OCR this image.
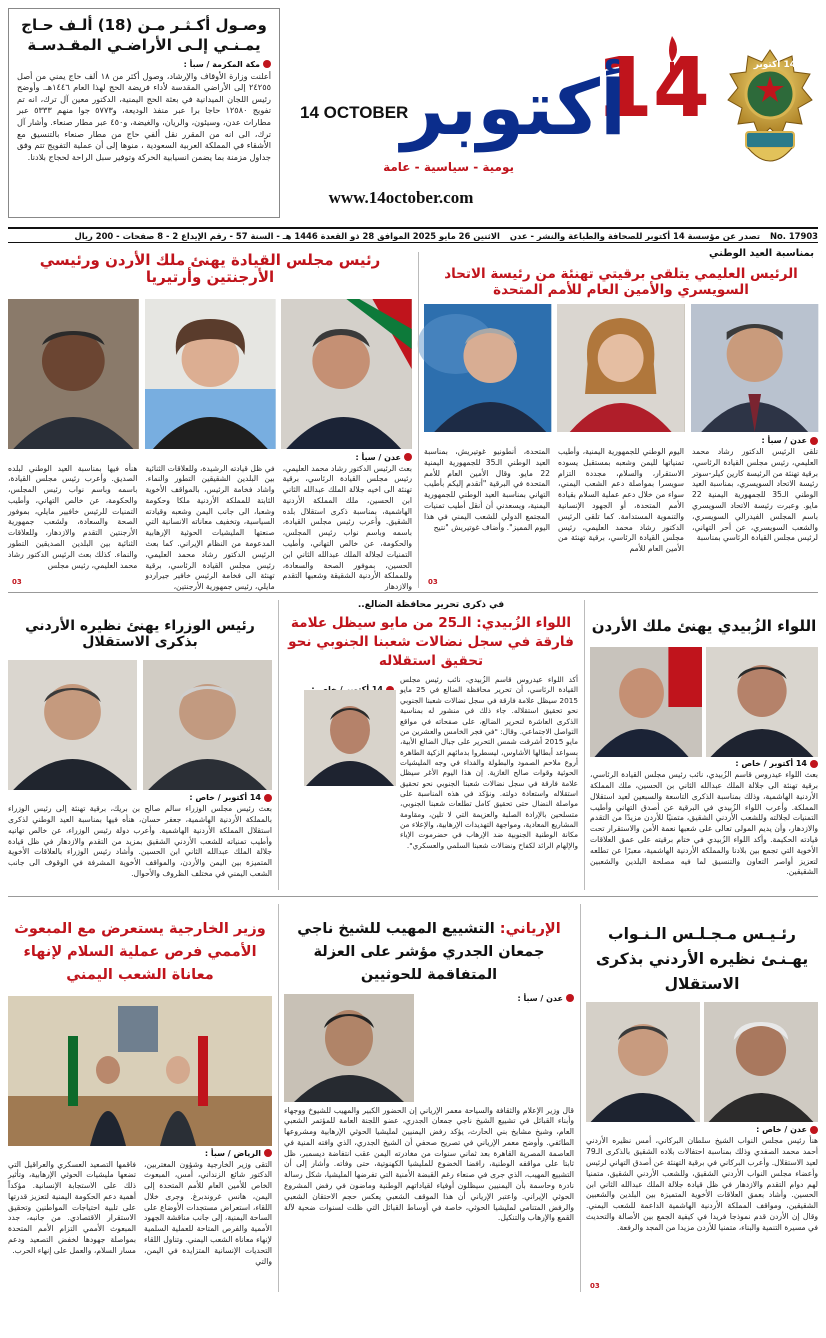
14 أكتوبر
14
أكتوبر
14 OCTOBER
يومية - سياسية - عامة
www.14october.com
وصـول أكـثـر مـن (18) ألـف حـاج
يمـنـي إلـى الأراضـي المقـدسـة
مكة المكرمة / سبأ :
أعلنت وزارة الأوقاف والإرشاد، وصول أكثر من ١٨ ألف حاج يمني من أصل ٢٤٢٥٥ إلى الأراضي المقدسة لأداء فريضة الحج لهذا العام ١٤٤٦هـ. وأوضح رئيس اللجان الميدانية في بعثة الحج اليمنية، الدكتور معين آل ترك، انه تم تفويج ١٢٥٨٠ حاجا برا عبر منفذ الوديعة، و٥٧٧٣ جوا منهم ٥٣٣٣ عبر مطارات عدن، وسيئون، والريان، والغيضة، و٤٥٠ عبر مطار صنعاء. وأشار آل ترك، الى انه من المقرر نقل ألفي حاج من مطار صنعاء بالتنسيق مع الأشقاء في المملكة العربية السعودية ، منوها إلى أن عملية التفويج تتم وفق جداول مزمنة بما يضمن انسيابية الحركة وتوفير سبل الراحة لحجاج بلادنا.
No. 17903
تصدر عن مؤسسة 14 أكتوبر للصحافة والطباعة والنشر - عدن
الاثنين 26 مايو 2025 الموافق 28 ذو القعدة 1446 هـ - السنة 57 - رقم الإيداع 2 - 8 صفحات - 200 ريال
بمناسبة العيد الوطني
الرئيس العليمي يتلقى برقيتي تهنئة من رئيسة الاتحاد السويسري والأمين العام للأمم المتحدة
عدن / سبأ :
تلقى الرئيس الدكتور رشاد محمد العليمي، رئيس مجلس القيادة الرئاسي، برقية تهنئة من الرئيسة كارين كيلر-سوتر رئيسة الاتحاد السويسري، بمناسبة العيد الوطني الـ35 للجمهورية اليمنية 22 مايو. وعبرت رئيسة الاتحاد السويسري باسم المجلس الفيدرالي السويسري، والشعب السويسري، عن أحر التهاني، لرئيس مجلس القيادة الرئاسي بمناسبة
اليوم الوطني للجمهورية اليمنية، وأطيب تمنياتها لليمن وشعبه بمستقبل يسوده الاستقرار، والسلام، مجددة التزام سويسرا بمواصلة دعم الشعب اليمني، سواء من خلال دعم عملية السلام بقيادة الأمم المتحدة، أو الجهود الإنسانية والتنموية المستدامة. كما تلقى الرئيس الدكتور رشاد محمد العليمي، رئيس مجلس القيادة الرئاسي، برقية تهنئة من الأمين العام للأمم
المتحدة، أنطونيو غوتيريش، بمناسبة العيد الوطني الـ35 للجمهورية اليمنية 22 مايو. وقال الأمين العام للأمم المتحدة في البرقية "أتقدم إليكم بأطيب التهاني بمناسبة العيد الوطني للجمهورية اليمنية، ويسعدني أن أنقل أطيب تمنيات المجتمع الدولي للشعب اليمني في هذا اليوم المميز". وأضاف غوتيريش "نتيح
03
رئيس مجلس القيادة يهنئ ملك الأردن ورئيسي الأرجنتين وأرتيريا
عدن / سبأ :
بعث الرئيس الدكتور رشاد محمد العليمي، رئيس مجلس القيادة الرئاسي، برقية تهنئة الى اخيه جلالة الملك عبدالله الثاني ابن الحسين، ملك المملكة الأردنية الهاشمية، بمناسبة ذكرى استقلال بلده الشقيق. وأعرب رئيس مجلس القيادة، باسمه وباسم نواب رئيس المجلس، والحكومة، عن خالص التهاني، وأطيب التمنيات لجلالة الملك عبدالله الثاني ابن الحسين، بموفور الصحة والسعادة، وللمملكة الأردنية الشقيقة وشعبها التقدم والازدهار
في ظل قيادته الرشيدة، وللعلاقات الثنائية بين البلدين الشقيقين التطور والنماء. واشاد فخامة الرئيس، بالمواقف الأخوية الثابتة للمملكة الأردنية ملكا وحكومة وشعبا، الى جانب اليمن وشعبه وقيادته السياسية، وتخفيف معاناته الانسانية التي صنعتها المليشيات الحوثية الإرهابية المدعومة من النظام الإيراني. كما بعث الرئيس الدكتور رشاد محمد العليمي، رئيس مجلس القيادة الرئاسي، برقية تهنئة الى فخامة الرئيس خافير جيراردو مايلي، رئيس جمهورية الأرجنتين،
هنأه فيها بمناسبة العيد الوطني لبلده الصديق. وأعرب رئيس مجلس القيادة، باسمه وباسم نواب رئيس المجلس، والحكومة، عن خالص التهاني، وأطيب التمنيات للرئيس خافيير مايلي، بموفور الصحة والسعادة، ولشعب جمهورية الأرجنتين التقدم والازدهار، وللعلاقات الثنائية بين البلدين الصديقين التطور والنماء. كذلك بعث الرئيس الدكتور رشاد محمد العليمي، رئيس مجلس
03
اللواء الزُبيدي يهنئ ملك الأردن
14 أكتوبر / خاص :
بعث اللواء عيدروس قاسم الزُبيدي، نائب رئيس مجلس القيادة الرئاسي، برقية تهنئة الى جلالة الملك عبدالله الثاني بن الحسين، ملك المملكة الأردنية الهاشمية، وذلك بمناسبة الذكرى التاسعة والسبعين لعيد استقلال المملكة. وأعرب اللواء الزُبيدي في البرقية عن أصدق التهاني وأطيب التمنيات لجلالته وللشعب الأردني الشقيق، متمنيًا للأردن مزيدًا من التقدم والازدهار، وأن يديم المولى تعالى على شعبها نعمة الأمن والاستقرار تحت قيادته الحكيمة. وأكد اللواء الزُبيدي في ختام برقيته على عمق العلاقات الأخوية التي تجمع بين بلادنا والمملكة الأردنية الهاشمية، معبرًا عن تطلعه لتعزيز أواصر التعاون والتنسيق لما فيه مصلحة البلدين والشعبين الشقيقين.
في ذكرى تحرير محافظة الضالع..
اللواء الزُبيدي: الـ25 من مايو سيظل علامة فارقة في سجل نضالات شعبنا الجنوبي نحو تحقيق استقلاله
أكد اللواء عيدروس قاسم الزُبيدي، نائب رئيس مجلس القيادة الرئاسي، أن تحرير محافظة الضالع في 25 مايو 2015 سيظل علامة فارقة في سجل نضالات شعبنا الجنوبي نحو تحقيق استقلاله. جاء ذلك في منشور له بمناسبة الذكرى العاشرة لتحرير الضالع، على صفحاته في مواقع التواصل الاجتماعي. وقال: "في فجر الخامس والعشرين من مايو 2015 أشرقت شمس التحرير على جبال الضالع الأبية، بسواعد أبطالها الأشاوس، ليسطروا بدمائهم الزكية الطاهرة أروع ملاحم الصمود والبطولة والفداء في وجه المليشيات الحوثية وقوات صالح الغازية. إن هذا اليوم الأغر سيظل علامة فارقة في سجل نضالات شعبنا الجنوبي نحو تحقيق استقلاله واستعادة دولته. ونؤكد في هذه المناسبة على مواصلة النضال حتى تحقيق كامل تطلعات شعبنا الجنوبي، متسلحين بالإرادة الصلبة والعزيمة التي لا تلين، ومقاومة المشاريع المعادية، ومواجهة التهديدات الإرهابية، والإعلاء من مكانة الوطنية الجنوبية ضد الإرهاب في حضرموت الإباء والإلهام الرائد لكفاح ونضالات شعبنا السلمي والعسكري".
رئيس الوزراء يهنئ نظيره الأردني بذكرى الاستقلال
14 أكتوبر / خاص :
بعث رئيس مجلس الوزراء سالم صالح بن بريك، برقية تهنئة إلى رئيس الوزراء بالمملكة الأردنية الهاشمية، جعفر حسان، هنأه فيها بمناسبة العيد الوطني لذكرى استقلال المملكة الأردنية الهاشمية. وأعرب دولة رئيس الوزراء، عن خالص تهانيه وأطيب تمنياته للشعب الأردني الشقيق بمزيد من التقدم والازدهار في ظل قيادة جلالة الملك عبدالله الثاني ابن الحسين. وأشاد رئيس الوزراء بالعلاقات الأخوية المتميزة بين اليمن والأردن، والمواقف الأخوية المشرفة في الوقوف الى جانب الشعب اليمني في مختلف الظروف والأحوال.
رئـيـس مـجـلـس الـنـواب يهـنـئ نظيره الأردني بذكرى الاستقلال
عدن / خاص :
هنأ رئيس مجلس النواب الشيخ سلطان البركاني، أمس نظيره الأردني أحمد محمد الصفدي وذلك بمناسبة احتفالات بلاده الشقيق بالذكرى الـ79 لعيد الاستقلال. وأعرب البركاني في برقية التهنئة عن أصدق التهاني لرئيس وأعضاء مجلس النواب الأردني الشقيق، وللشعب الأردني الشقيق، متمنيا لهم دوام التقدم والازدهار في ظل قيادة جلالة الملك عبدالله الثاني ابن الحسين. وأشاد بعمق العلاقات الأخوية المتميزة بين البلدين والشعبين الشقيقين، ومواقف المملكة الأردنية الهاشمية الداعمة للشعب اليمني. وقال إن الأردن قدم نموذجا فريدا في كيفية الجمع بين الأصالة والتحديث في مسيرة التنمية والبناء، متمنيا للأردن مزيدا من المجد والرفعة.
03
الإرياني: التشييع المهيب للشيخ ناجي جمعان الجدري مؤشر على العزلة المتفاقمة للحوثيين
عدن / سبأ :
قال وزير الإعلام والثقافة والسياحة معمر الإرياني إن الحضور الكبير والمهيب للشيوخ ووجهاء وأبناء القبائل في تشييع الشيخ ناجي جمعان الجدري، عضو اللجنة العامة للمؤتمر الشعبي العام، وشيخ مشايخ بني الحارث، يؤكد رفض اليمنيين لمليشيا الحوثي الإرهابية ومشروعها الطائفي. وأوضح معمر الإرياني في تصريح صحفي أن الشيخ الجدري، الذي وافته المنية في العاصمة المصرية القاهرة بعد ثماني سنوات من مغادرته اليمن عقب انتفاضة ديسمبر، ظل ثابتا على مواقفه الوطنية، رافضا الخضوع للمليشيا الكهنوتية، حتى وفاته. وأشار إلى أن التشييع المهيب، الذي جرى في صنعاء رغم القبضة الأمنية التي تفرضها المليشيا، شكل رسالة نادرة وحاسمة بأن اليمنيين سيظلون أوفياء لقياداتهم الوطنية وماضون في رفض المشروع الحوثي الإيراني. واعتبر الإرياني أن هذا الموقف الشعبي يعكس حجم الاحتقان الشعبي والرفض المتنامي لمليشيا الحوثي، خاصة في أوساط القبائل التي ظلت لسنوات ضحية لآلة القمع والإرهاب والتنكيل.
وزير الخارجية يستعرض مع المبعوث الأممي فرص عملية السلام لإنهاء معاناة الشعب اليمني
الرياض / سبأ :
التقى وزير الخارجية وشؤون المغتربين، الدكتور شائع الزنداني، أمس، المبعوث الخاص للأمين العام للأمم المتحدة إلى اليمن، هانس غروندبرغ. وجرى خلال اللقاء، استعراض مستجدات الأوضاع على الساحة اليمنية، إلى جانب مناقشة الجهود الأممية والفرص المتاحة للعملية السلمية لإنهاء معاناة الشعب اليمني. وتناول اللقاء التحديات الإنسانية المتزايدة في اليمن، والتي
فاقمها التصعيد العسكري والعراقيل التي تضعها مليشيات الحوثي الإرهابية، وتأثير ذلك على الاستجابة الإنسانية. مؤكداً أهمية دعم الحكومة اليمنية لتعزيز قدرتها على تلبية احتياجات المواطنين وتحقيق الاستقرار الاقتصادي. من جانبه، جدد المبعوث الأممي التزام الأمم المتحدة بمواصلة جهودها لخفض التصعيد ودعم مسار السلام، والعمل على إنهاء الحرب.
